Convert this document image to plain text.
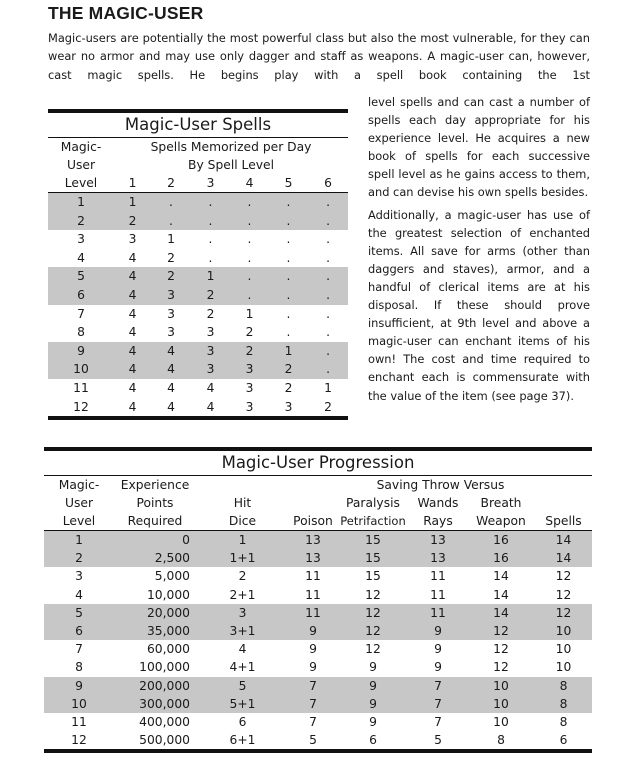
THE MAGIC-USER

Magic-users are potentially the most powerful class but also the most vulnerable, for they can wear no armor and may use only dagger and staff as weapons. A magic-user can, however, cast magic spells. He begins play with a spell book containing the 1st

Magic-User Spells
Magic-	Spells Memorized per Day					
User	By Spell Level					
Level	1	2	3	4	5	6
1	1	.	.	.	.	.
2	2	.	.	.	.	.
3	3	1	.	.	.	.
4	4	2	.	.	.	.
5	4	2	1	.	.	.
6	4	3	2	.	.	.
7	4	3	2	1	.	.
8	4	3	3	2	.	.
9	4	4	3	2	1	.
10	4	4	3	3	2	.
11	4	4	4	3	2	1
12	4	4	4	3	3	2

level spells and can cast a number of spells each day appropriate for his experience level. He acquires a new book of spells for each successive spell level as he gains access to them, and can devise his own spells besides.

Additionally, a magic-user has use of the greatest selection of enchanted items. All save for arms (other than daggers and staves), armor, and a handful of clerical items are at his disposal. If these should prove insufficient, at 9th level and above a magic-user can enchant items of his own! The cost and time required to enchant each is commensurate with the value of the item (see page 37).

Magic-User Progression
Magic-	Experience		Saving Throw Versus				
User	Points	Hit		Paralysis	Wands	Breath	
Level	Required	Dice	Poison	Petrifaction	Rays	Weapon	Spells
1	0	1	13	15	13	16	14
2	2,500	1+1	13	15	13	16	14
3	5,000	2	11	15	11	14	12
4	10,000	2+1	11	12	11	14	12
5	20,000	3	11	12	11	14	12
6	35,000	3+1	9	12	9	12	10
7	60,000	4	9	12	9	12	10
8	100,000	4+1	9	9	9	12	10
9	200,000	5	7	9	7	10	8
10	300,000	5+1	7	9	7	10	8
11	400,000	6	7	9	7	10	8
12	500,000	6+1	5	6	5	8	6
